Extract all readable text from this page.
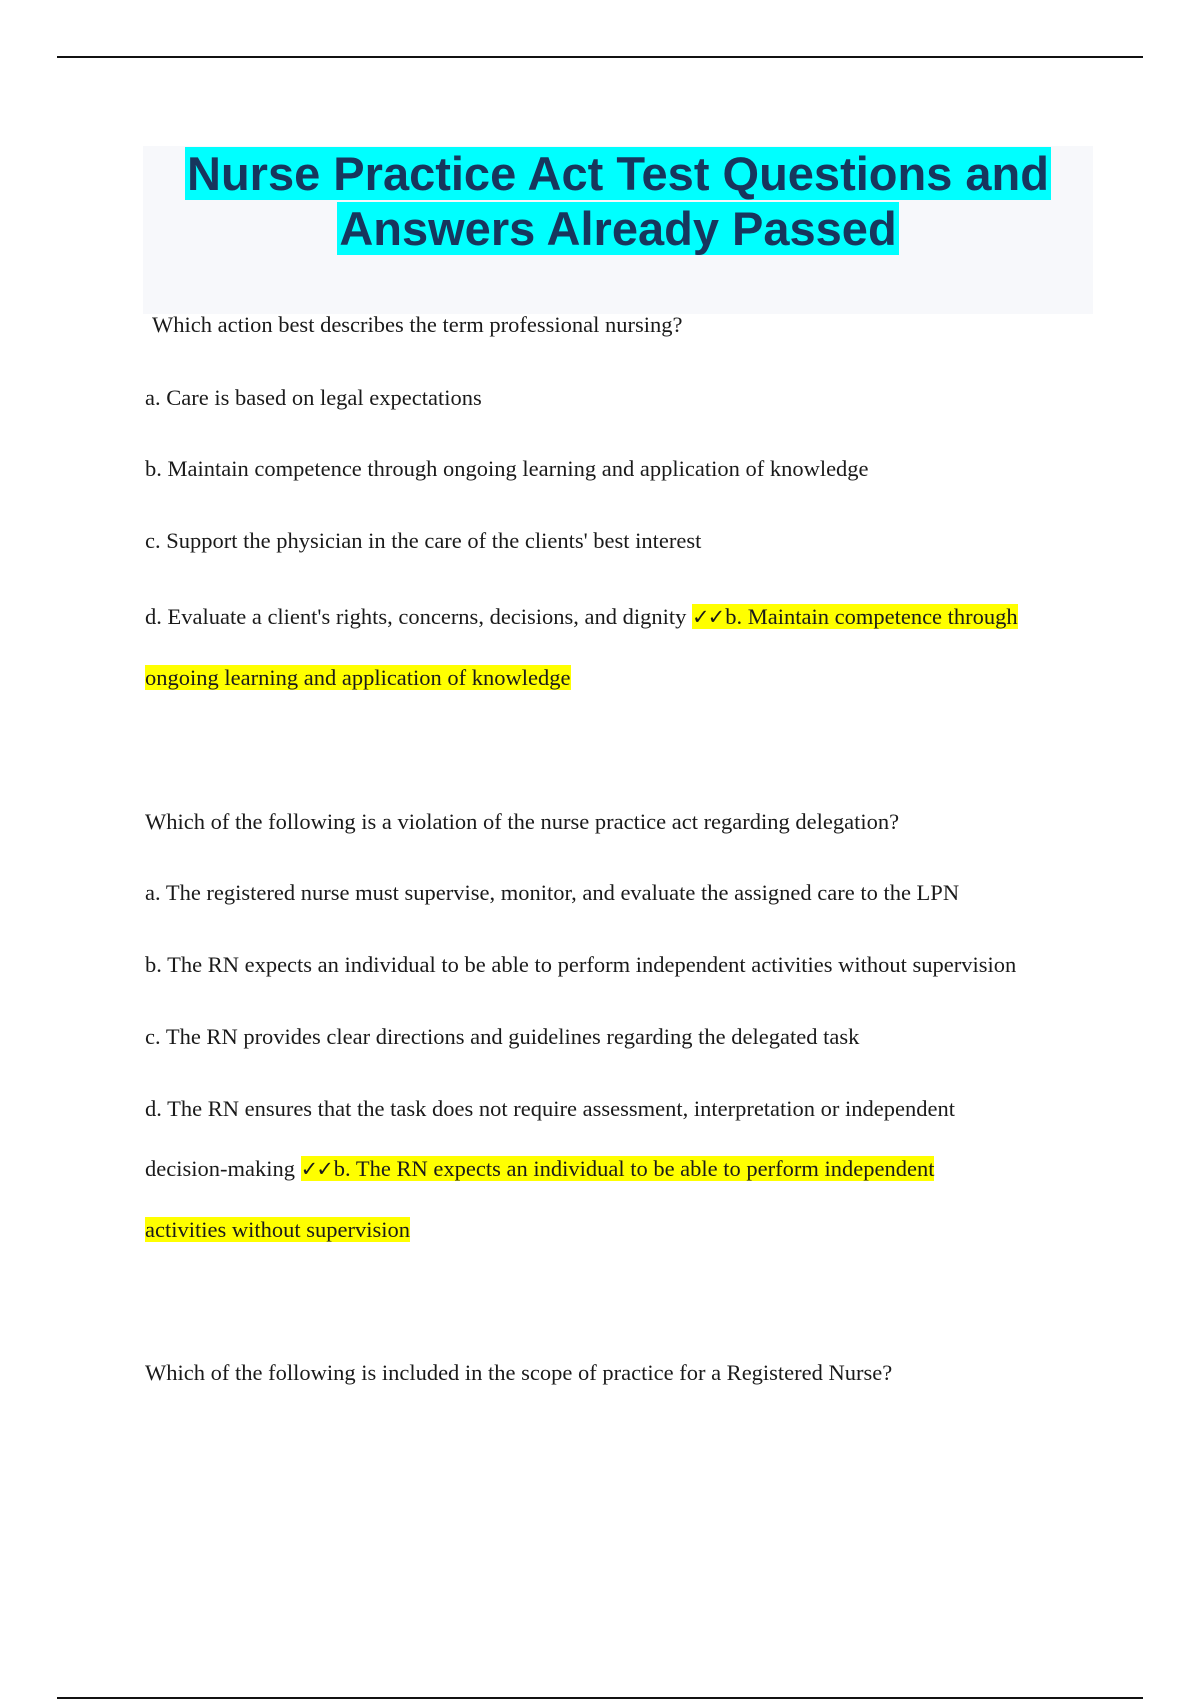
Nurse Practice Act Test Questions and
Answers Already Passed

Which action best describes the term professional nursing?

a. Care is based on legal expectations

b. Maintain competence through ongoing learning and application of knowledge

c. Support the physician in the care of the clients' best interest

d. Evaluate a client's rights, concerns, decisions, and dignity ✓✓b. Maintain competence through

ongoing learning and application of knowledge

Which of the following is a violation of the nurse practice act regarding delegation?

a. The registered nurse must supervise, monitor, and evaluate the assigned care to the LPN

b. The RN expects an individual to be able to perform independent activities without supervision

c. The RN provides clear directions and guidelines regarding the delegated task

d. The RN ensures that the task does not require assessment, interpretation or independent

decision-making ✓✓b. The RN expects an individual to be able to perform independent

activities without supervision

Which of the following is included in the scope of practice for a Registered Nurse?
